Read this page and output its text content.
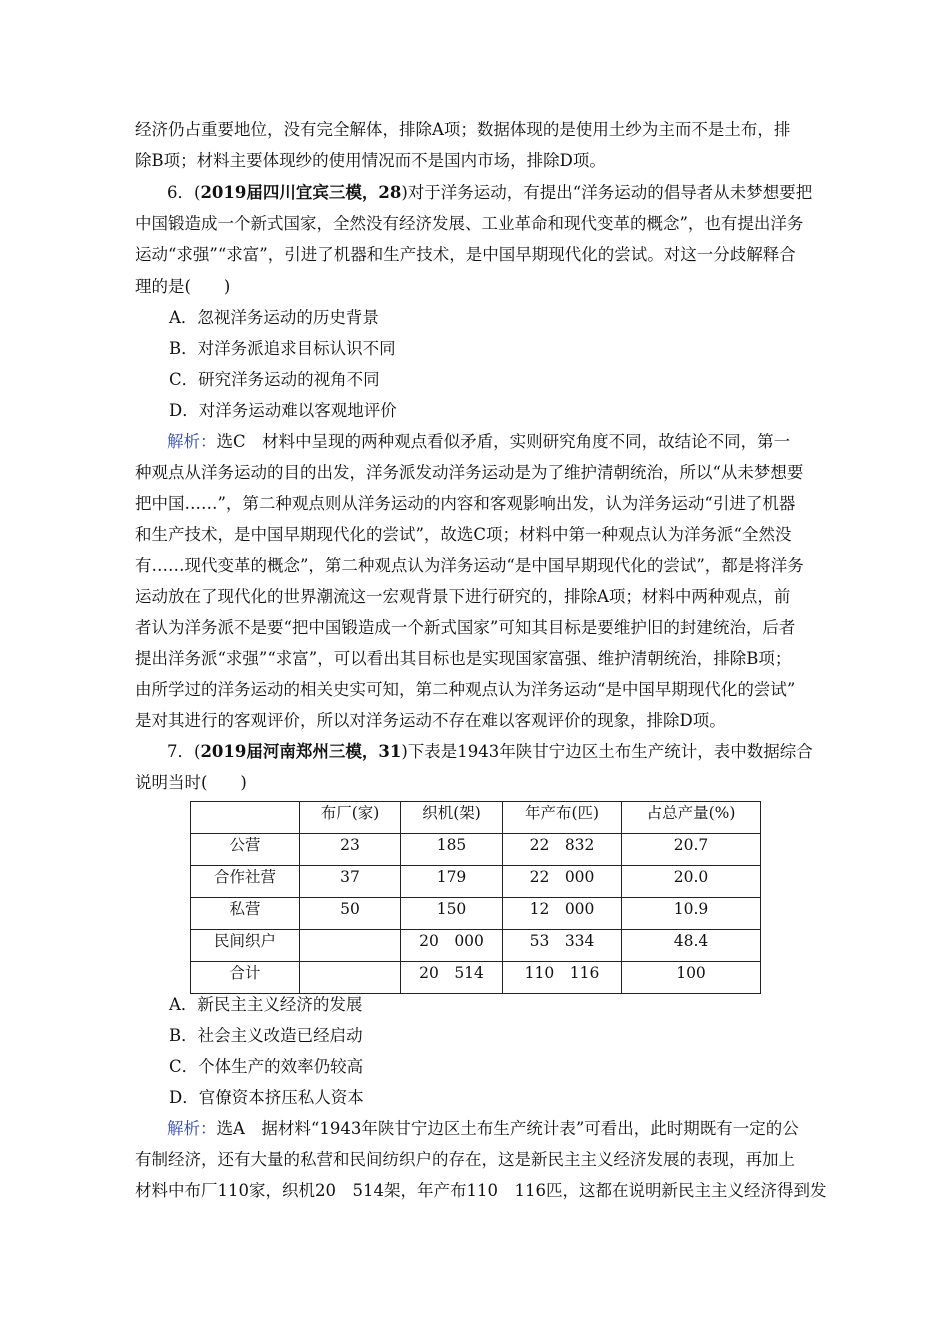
经济仍占重要地位，没有完全解体，排除A项；数据体现的是使用土纱为主而不是土布，排
除B项；材料主要体现纱的使用情况而不是国内市场，排除D项。
6．(2019届四川宜宾三模，28)对于洋务运动，有提出“洋务运动的倡导者从未梦想要把
中国锻造成一个新式国家，全然没有经济发展、工业革命和现代变革的概念”，也有提出洋务
运动“求强”“求富”，引进了机器和生产技术，是中国早期现代化的尝试。对这一分歧解释合
理的是(　　)
A．忽视洋务运动的历史背景
B．对洋务派追求目标认识不同
C．研究洋务运动的视角不同
D．对洋务运动难以客观地评价
解析：选C　材料中呈现的两种观点看似矛盾，实则研究角度不同，故结论不同，第一
种观点从洋务运动的目的出发，洋务派发动洋务运动是为了维护清朝统治，所以“从未梦想要
把中国……”，第二种观点则从洋务运动的内容和客观影响出发，认为洋务运动“引进了机器
和生产技术，是中国早期现代化的尝试”，故选C项；材料中第一种观点认为洋务派“全然没
有……现代变革的概念”，第二种观点认为洋务运动“是中国早期现代化的尝试”，都是将洋务
运动放在了现代化的世界潮流这一宏观背景下进行研究的，排除A项；材料中两种观点，前
者认为洋务派不是要“把中国锻造成一个新式国家”可知其目标是要维护旧的封建统治，后者
提出洋务派“求强”“求富”，可以看出其目标也是实现国家富强、维护清朝统治，排除B项；
由所学过的洋务运动的相关史实可知，第二种观点认为洋务运动“是中国早期现代化的尝试”
是对其进行的客观评价，所以对洋务运动不存在难以客观评价的现象，排除D项。
7．(2019届河南郑州三模，31)下表是1943年陕甘宁边区土布生产统计，表中数据综合
说明当时(　　)
	布厂(家)	织机(架)	年产布(匹)	占总产量(%)
公营	23	185	22　832	20.7
合作社营	37	179	22　000	20.0
私营	50	150	12　000	10.9
民间织户		20　000	53　334	48.4
合计		20　514	110　116	100
A．新民主主义经济的发展
B．社会主义改造已经启动
C．个体生产的效率仍较高
D．官僚资本挤压私人资本
解析：选A　据材料“1943年陕甘宁边区土布生产统计表”可看出，此时期既有一定的公
有制经济，还有大量的私营和民间纺织户的存在，这是新民主主义经济发展的表现，再加上
材料中布厂110家，织机20　514架，年产布110　116匹，这都在说明新民主主义经济得到发
